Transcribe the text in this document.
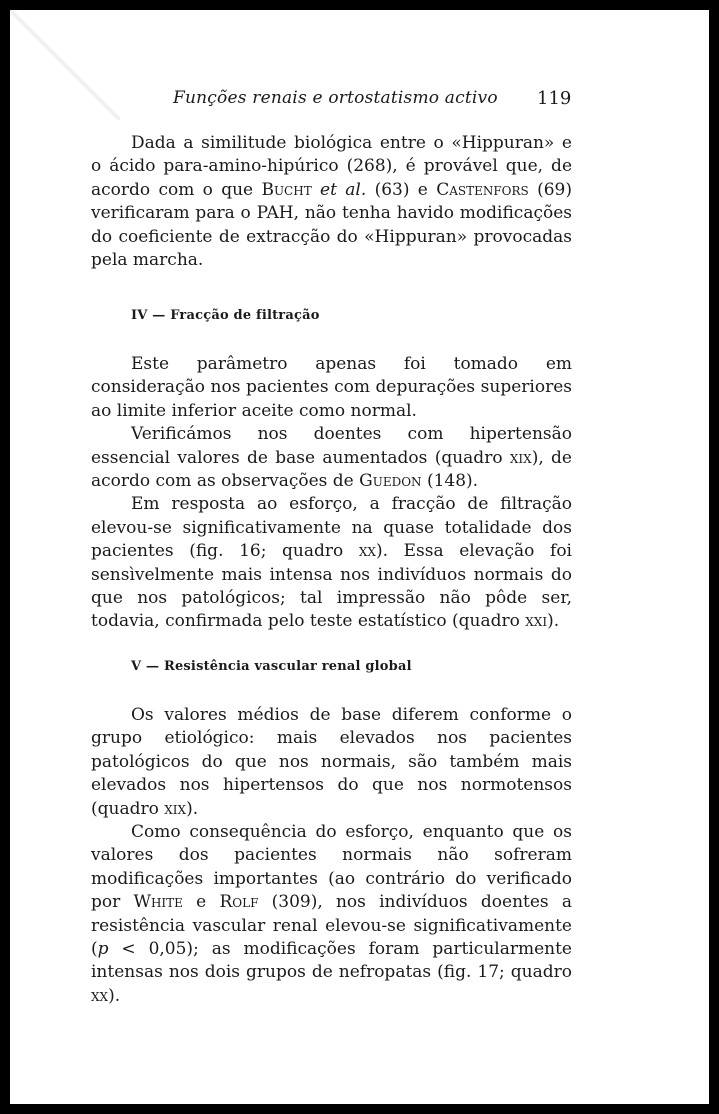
Funções renais e ortostatismo activo 119

Dada a similitude biológica entre o «Hippuran» e o ácido para-amino-hipúrico (268), é provável que, de acordo com o que Bucht et al. (63) e Castenfors (69) verificaram para o PAH, não tenha havido modificações do coeficiente de extracção do «Hippuran» provocadas pela marcha.

IV — Fracção de filtração

Este parâmetro apenas foi tomado em consideração nos pacientes com depurações superiores ao limite inferior aceite como normal.

Verificámos nos doentes com hipertensão essencial valores de base aumentados (quadro xix), de acordo com as observações de Guedon (148).

Em resposta ao esforço, a fracção de filtração elevou-se significativamente na quase totalidade dos pacientes (fig. 16; quadro xx). Essa elevação foi sensìvelmente mais intensa nos indivíduos normais do que nos patológicos; tal impressão não pôde ser, todavia, confirmada pelo teste estatístico (quadro xxi).

V — Resistência vascular renal global

Os valores médios de base diferem conforme o grupo etiológico: mais elevados nos pacientes patológicos do que nos normais, são também mais elevados nos hipertensos do que nos normotensos (quadro xix).

Como consequência do esforço, enquanto que os valores dos pacientes normais não sofreram modificações importantes (ao contrário do verificado por White e Rolf (309), nos indivíduos doentes a resistência vascular renal elevou-se significativamente (p < 0,05); as modificações foram particularmente intensas nos dois grupos de nefropatas (fig. 17; quadro xx).
